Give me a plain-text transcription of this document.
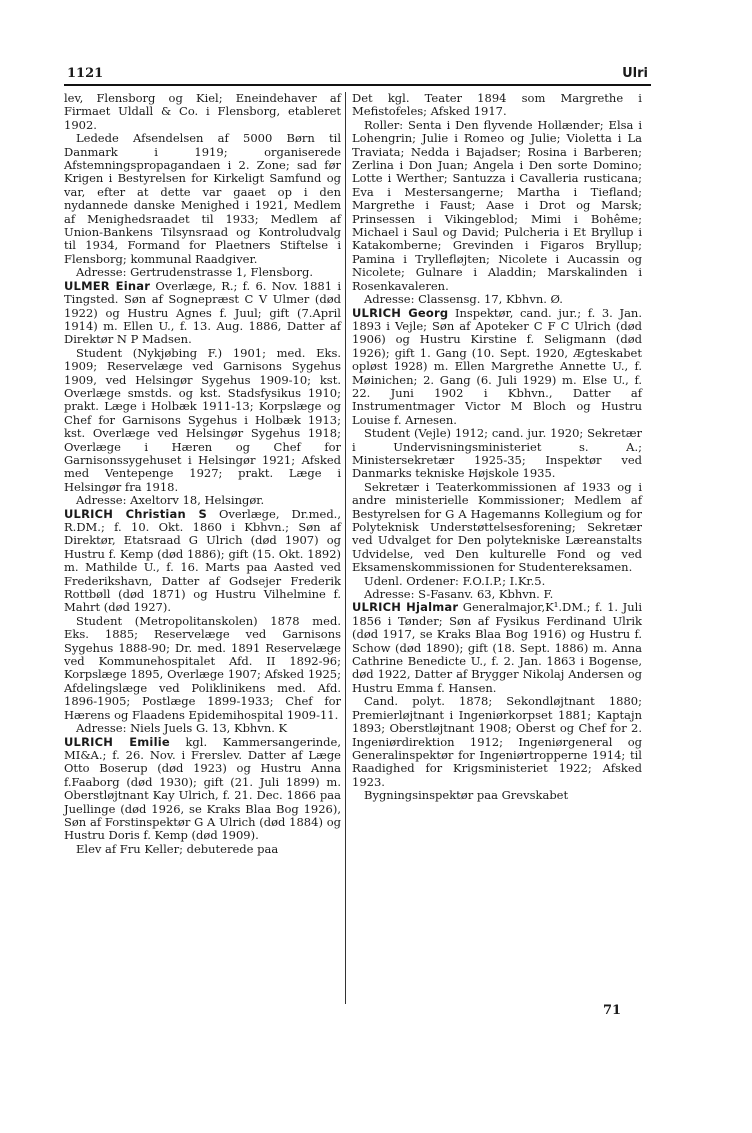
1121	Ulri

lev, Flensborg og Kiel; Eneindehaver af Firmaet Uldall & Co. i Flensborg, etableret 1902.

Ledede Afsendelsen af 5000 Børn til Danmark i 1919; organiserede Afstemningspropagandaen i 2. Zone; sad før Krigen i Bestyrelsen for Kirkeligt Samfund og var, efter at dette var gaaet op i den nydannede danske Menighed i 1921, Medlem af Menighedsraadet til 1933; Medlem af Union-Bankens Tilsynsraad og Kontroludvalg til 1934, Formand for Plaetners Stiftelse i Flensborg; kommunal Raadgiver.

Adresse: Gertrudenstrasse 1, Flensborg.

ULMER Einar Overlæge, R.; f. 6. Nov. 1881 i Tingsted. Søn af Sognepræst C V Ulmer (død 1922) og Hustru Agnes f. Juul; gift (7.April 1914) m. Ellen U., f. 13. Aug. 1886, Datter af Direktør N P Madsen.

Student (Nykjøbing F.) 1901; med. Eks. 1909; Reservelæge ved Garnisons Sygehus 1909, ved Helsingør Sygehus 1909-10; kst. Overlæge smstds. og kst. Stadsfysikus 1910; prakt. Læge i Holbæk 1911-13; Korpslæge og Chef for Garnisons Sygehus i Holbæk 1913; kst. Overlæge ved Helsingør Sygehus 1918; Overlæge i Hæren og Chef for Garnisonssygehuset i Helsingør 1921; Afsked med Ventepenge 1927; prakt. Læge i Helsingør fra 1918.

Adresse: Axeltorv 18, Helsingør.

ULRICH Christian S Overlæge, Dr.med., R.DM.; f. 10. Okt. 1860 i Kbhvn.; Søn af Direktør, Etatsraad G Ulrich (død 1907) og Hustru f. Kemp (død 1886); gift (15. Okt. 1892) m. Mathilde U., f. 16. Marts paa Aasted ved Frederikshavn, Datter af Godsejer Frederik Rottbøll (død 1871) og Hustru Vilhelmine f. Mahrt (død 1927).

Student (Metropolitanskolen) 1878 med. Eks. 1885; Reservelæge ved Garnisons Sygehus 1888-90; Dr. med. 1891 Reservelæge ved Kommunehospitalet Afd. II 1892-96; Korpslæge 1895, Overlæge 1907; Afsked 1925; Afdelingslæge ved Poliklinikens med. Afd. 1896-1905; Postlæge 1899-1933; Chef for Hærens og Flaadens Epidemihospital 1909-11.

Adresse: Niels Juels G. 13, Kbhvn. K

ULRICH Emilie kgl. Kammersangerinde, MI&A.; f. 26. Nov. i Frerslev. Datter af Læge Otto Boserup (død 1923) og Hustru Anna f.Faaborg (død 1930); gift (21. Juli 1899) m. Oberstløjtnant Kay Ulrich, f. 21. Dec. 1866 paa Juellinge (død 1926, se Kraks Blaa Bog 1926), Søn af Forstinspektør G A Ulrich (død 1884) og Hustru Doris f. Kemp (død 1909).

Elev af Fru Keller; debuterede paa

Det kgl. Teater 1894 som Margrethe i Mefistofeles; Afsked 1917.

Roller: Senta i Den flyvende Hollænder; Elsa i Lohengrin; Julie i Romeo og Julie; Violetta i La Traviata; Nedda i Bajadser; Rosina i Barberen; Zerlina i Don Juan; Angela i Den sorte Domino; Lotte i Werther; Santuzza i Cavalleria rusticana; Eva i Mestersangerne; Martha i Tiefland; Margrethe i Faust; Aase i Drot og Marsk; Prinsessen i Vikingeblod; Mimi i Bohême; Michael i Saul og David; Pulcheria i Et Bryllup i Katakomberne; Grevinden i Figaros Bryllup; Pamina i Tryllefløjten; Nicolete i Aucassin og Nicolete; Gulnare i Aladdin; Marskalinden i Rosenkavaleren.

Adresse: Classensg. 17, Kbhvn. Ø.

ULRICH Georg Inspektør, cand. jur.; f. 3. Jan. 1893 i Vejle; Søn af Apoteker C F C Ulrich (død 1906) og Hustru Kirstine f. Seligmann (død 1926); gift 1. Gang (10. Sept. 1920, Ægteskabet opløst 1928) m. Ellen Margrethe Annette U., f. Møinichen; 2. Gang (6. Juli 1929) m. Else U., f. 22. Juni 1902 i Kbhvn., Datter af Instrumentmager Victor M Bloch og Hustru Louise f. Arnesen.

Student (Vejle) 1912; cand. jur. 1920; Sekretær i Undervisningsministeriet s. A.; Ministersekretær 1925-35; Inspektør ved Danmarks tekniske Højskole 1935.

Sekretær i Teaterkommissionen af 1933 og i andre ministerielle Kommissioner; Medlem af Bestyrelsen for G A Hagemanns Kollegium og for Polyteknisk Understøttelsesforening; Sekretær ved Udvalget for Den polytekniske Læreanstalts Udvidelse, ved Den kulturelle Fond og ved Eksamenskommissionen for Studentereksamen.

Udenl. Ordener: F.O.I.P.; I.Kr.5.

Adresse: S-Fasanv. 63, Kbhvn. F.

ULRICH Hjalmar Generalmajor,K¹.DM.; f. 1. Juli 1856 i Tønder; Søn af Fysikus Ferdinand Ulrik (død 1917, se Kraks Blaa Bog 1916) og Hustru f. Schow (død 1890); gift (18. Sept. 1886) m. Anna Cathrine Benedicte U., f. 2. Jan. 1863 i Bogense, død 1922, Datter af Brygger Nikolaj Andersen og Hustru Emma f. Hansen.

Cand. polyt. 1878; Sekondløjtnant 1880; Premierløjtnant i Ingeniørkorpset 1881; Kaptajn 1893; Oberstløjtnant 1908; Oberst og Chef for 2. Ingeniørdirektion 1912; Ingeniørgeneral og Generalinspektør for Ingeniørtropperne 1914; til Raadighed for Krigsministeriet 1922; Afsked 1923.

Bygningsinspektør paa Grevskabet

71
